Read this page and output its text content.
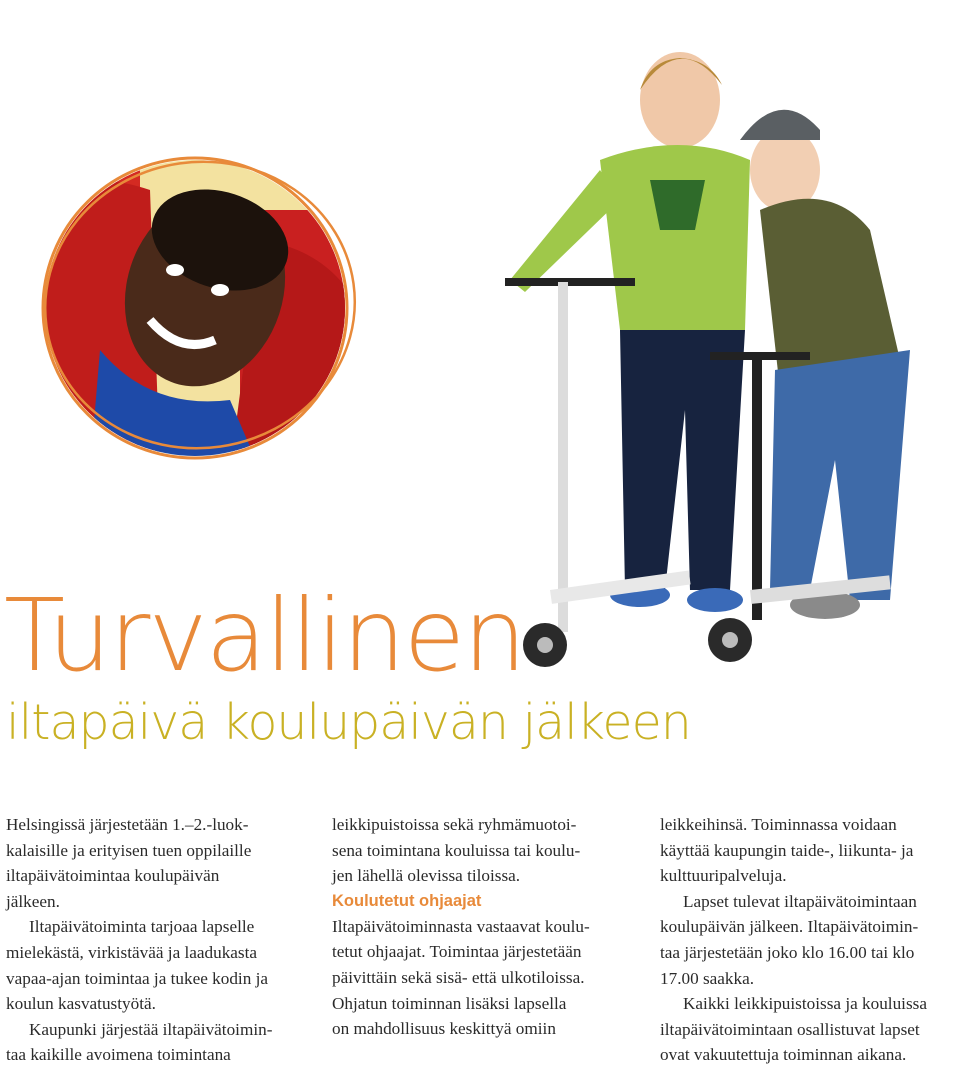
Turvallinen
iltapäivä koulupäivän jälkeen

Helsingissä järjestetään 1.–2.-luok-
kalaisille ja erityisen tuen oppilaille
iltapäivätoimintaa koulupäivän
jälkeen.

Iltapäivätoiminta tarjoaa lapselle
mielekästä, virkistävää ja laadukasta
vapaa-ajan toimintaa ja tukee kodin ja
koulun kasvatustyötä.

Kaupunki järjestää iltapäivätoimin-
taa kaikille avoimena toimintana

leikkipuistoissa sekä ryhmämuotoi-
sena toimintana kouluissa tai koulu-
jen lähellä olevissa tiloissa.

Koulutetut ohjaajat

Iltapäivätoiminnasta vastaavat koulu-
tetut ohjaajat. Toimintaa järjestetään
päivittäin sekä sisä- että ulkotiloissa.
Ohjatun toiminnan lisäksi lapsella
on mahdollisuus keskittyä omiin

leikkeihinsä. Toiminnassa voidaan
käyttää kaupungin taide-, liikunta- ja
kulttuuripalveluja.

Lapset tulevat iltapäivätoimintaan
koulupäivän jälkeen. Iltapäivätoimin-
taa järjestetään joko klo 16.00 tai klo
17.00 saakka.

Kaikki leikkipuistoissa ja kouluissa
iltapäivätoimintaan osallistuvat lapset
ovat vakuutettuja toiminnan aikana.
